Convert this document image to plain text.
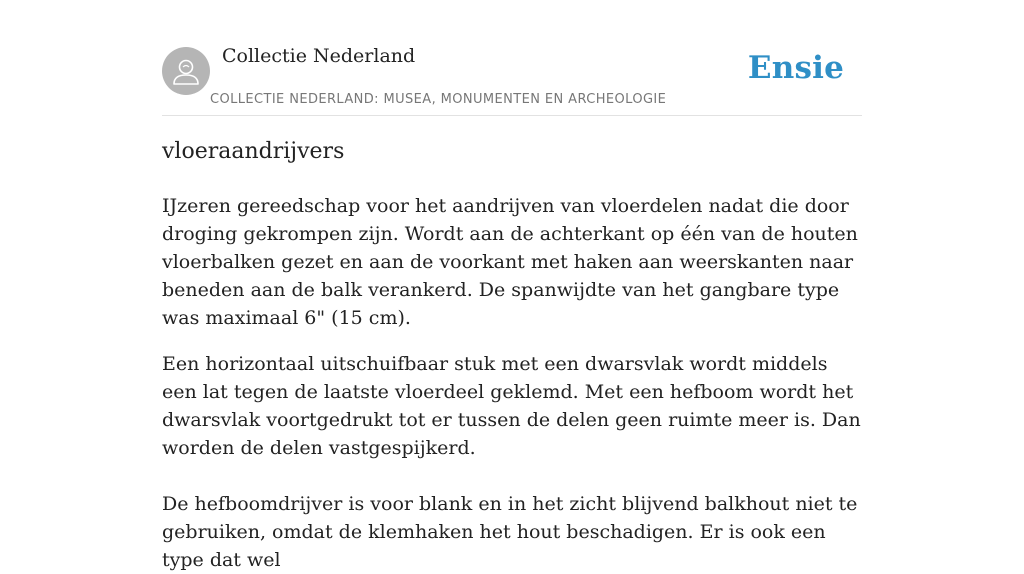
Collectie Nederland
COLLECTIE NEDERLAND: MUSEA, MONUMENTEN EN ARCHEOLOGIE
Ensie
vloeraandrijvers

IJzeren gereedschap voor het aandrijven van vloerdelen nadat die door droging gekrompen zijn. Wordt aan de achterkant op één van de houten vloerbalken gezet en aan de voorkant met haken aan weerskanten naar beneden aan de balk verankerd. De spanwijdte van het gangbare type was maximaal 6" (15 cm).

Een horizontaal uitschuifbaar stuk met een dwarsvlak wordt middels een lat tegen de laatste vloerdeel geklemd. Met een hefboom wordt het dwarsvlak voortgedrukt tot er tussen de delen geen ruimte meer is. Dan worden de delen vastgespijkerd.

De hefboomdrijver is voor blank en in het zicht blijvend balkhout niet te gebruiken, omdat de klemhaken het hout beschadigen. Er is ook een type dat wel
